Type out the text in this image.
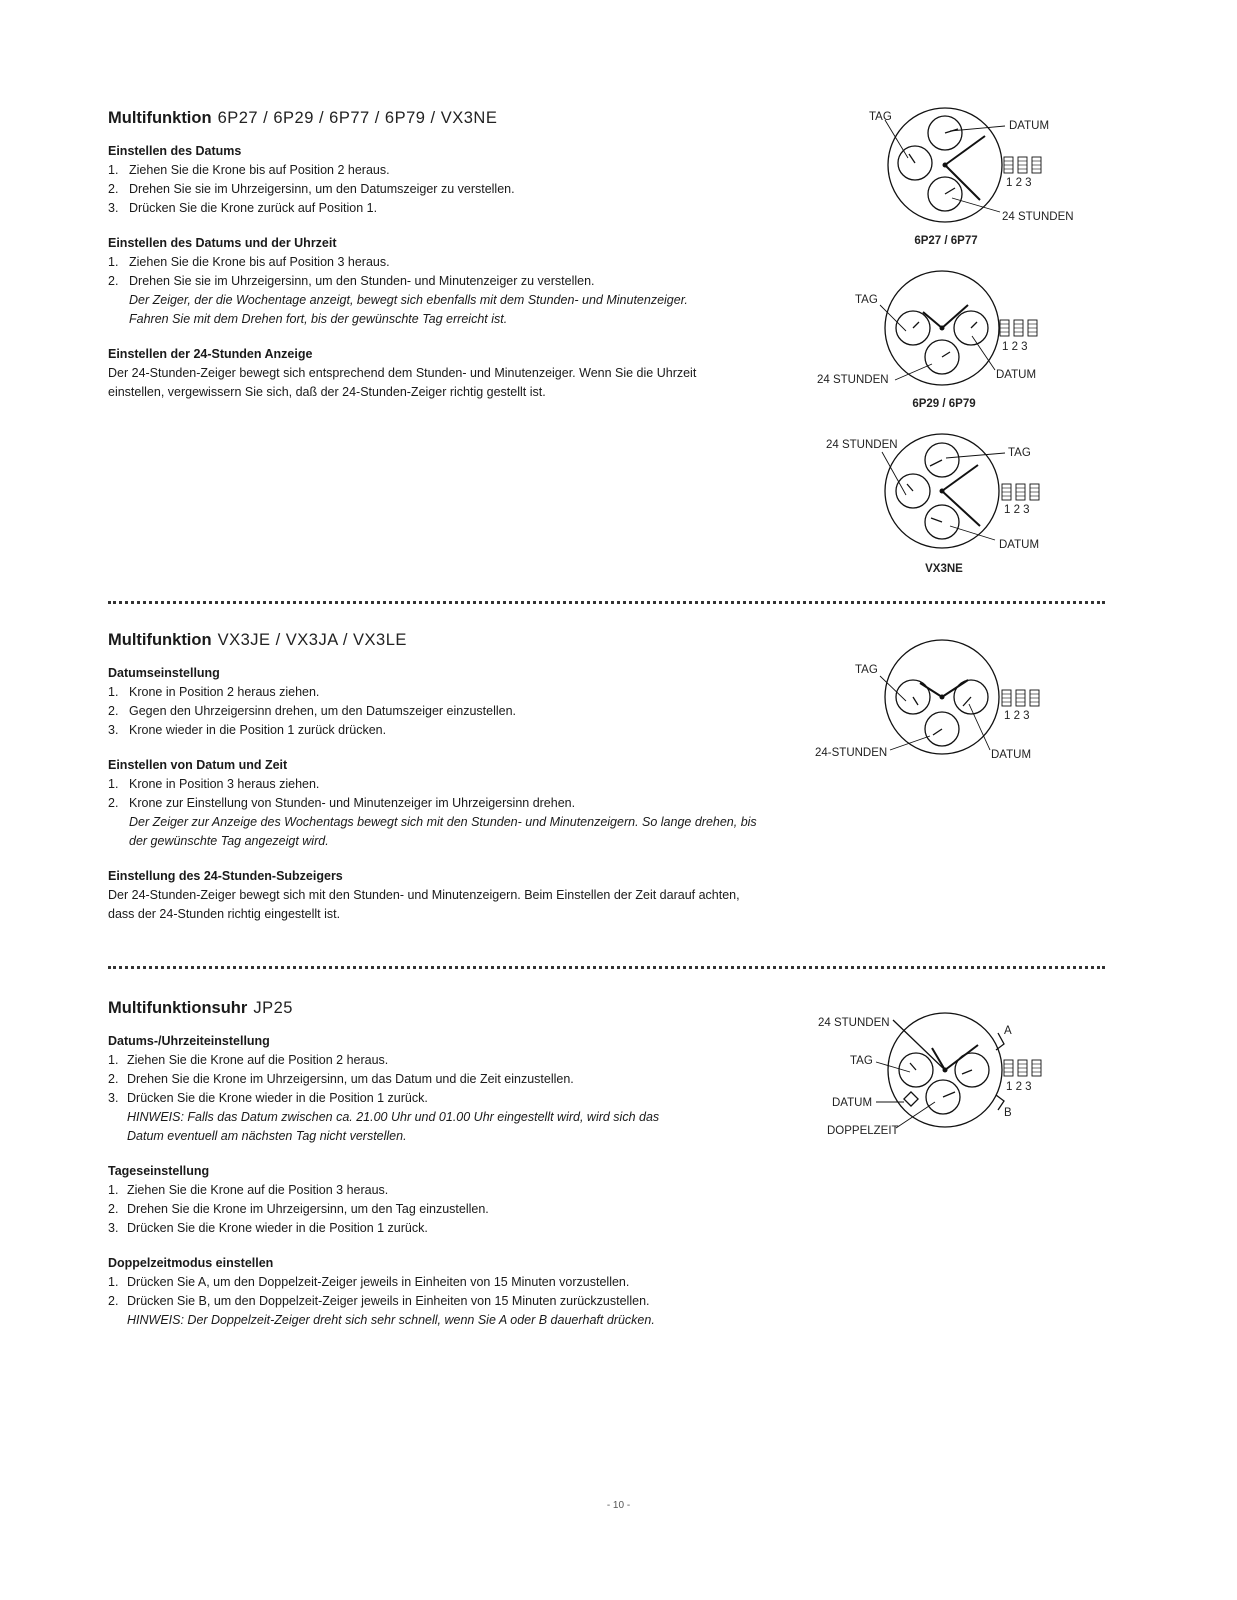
Multifunktion 6P27 / 6P29 / 6P77 / 6P79 / VX3NE
Einstellen des Datums
1. Ziehen Sie die Krone bis auf Position 2 heraus.
2. Drehen Sie sie im Uhrzeigersinn, um den Datumszeiger zu verstellen.
3. Drücken Sie die Krone zurück auf Position 1.
Einstellen des Datums und der Uhrzeit
1. Ziehen Sie die Krone bis auf Position 3 heraus.
2. Drehen Sie sie im Uhrzeigersinn, um den Stunden- und Minutenzeiger zu verstellen.
Der Zeiger, der die Wochentage anzeigt, bewegt sich ebenfalls mit dem Stunden- und Minutenzeiger.
Fahren Sie mit dem Drehen fort, bis der gewünschte Tag erreicht ist.
Einstellen der 24-Stunden Anzeige
Der 24-Stunden-Zeiger bewegt sich entsprechend dem Stunden- und Minutenzeiger. Wenn Sie die Uhrzeit
einstellen, vergewissern Sie sich, daß der 24-Stunden-Zeiger richtig gestellt ist.
Multifunktion VX3JE / VX3JA / VX3LE
Datumseinstellung
1. Krone in Position 2 heraus ziehen.
2. Gegen den Uhrzeigersinn drehen, um den Datumszeiger einzustellen.
3. Krone wieder in die Position 1 zurück drücken.
Einstellen von Datum und Zeit
1. Krone in Position 3 heraus ziehen.
2. Krone zur Einstellung von Stunden- und Minutenzeiger im Uhrzeigersinn drehen.
Der Zeiger zur Anzeige des Wochentags bewegt sich mit den Stunden- und Minutenzeigern. So lange drehen, bis
der gewünschte Tag angezeigt wird.
Einstellung des 24-Stunden-Subzeigers
Der 24-Stunden-Zeiger bewegt sich mit den Stunden- und Minutenzeigern. Beim Einstellen der Zeit darauf achten,
dass der 24-Stunden richtig eingestellt ist.
Multifunktionsuhr JP25
Datums-/Uhrzeiteinstellung
1. Ziehen Sie die Krone auf die Position 2 heraus.
2. Drehen Sie die Krone im Uhrzeigersinn, um das Datum und die Zeit einzustellen.
3. Drücken Sie die Krone wieder in die Position 1 zurück.
HINWEIS: Falls das Datum zwischen ca. 21.00 Uhr und 01.00 Uhr eingestellt wird, wird sich das
Datum eventuell am nächsten Tag nicht verstellen.
Tageseinstellung
1. Ziehen Sie die Krone auf die Position 3 heraus.
2. Drehen Sie die Krone im Uhrzeigersinn, um den Tag einzustellen.
3. Drücken Sie die Krone wieder in die Position 1 zurück.
Doppelzeitmodus einstellen
1. Drücken Sie A, um den Doppelzeit-Zeiger jeweils in Einheiten von 15 Minuten vorzustellen.
2. Drücken Sie B, um den Doppelzeit-Zeiger jeweils in Einheiten von 15 Minuten zurückzustellen.
HINWEIS: Der Doppelzeit-Zeiger dreht sich sehr schnell, wenn Sie A oder B dauerhaft drücken.
TAG
DATUM
1 2 3
24 STUNDEN
6P27 / 6P77
TAG
1 2 3
DATUM
24 STUNDEN
6P29 / 6P79
24 STUNDEN
TAG
1 2 3
DATUM
VX3NE
TAG
1 2 3
24-STUNDEN	DATUM
24 STUNDEN
A
TAG
1 2 3
DATUM
B
DOPPELZEIT
- 10 -
